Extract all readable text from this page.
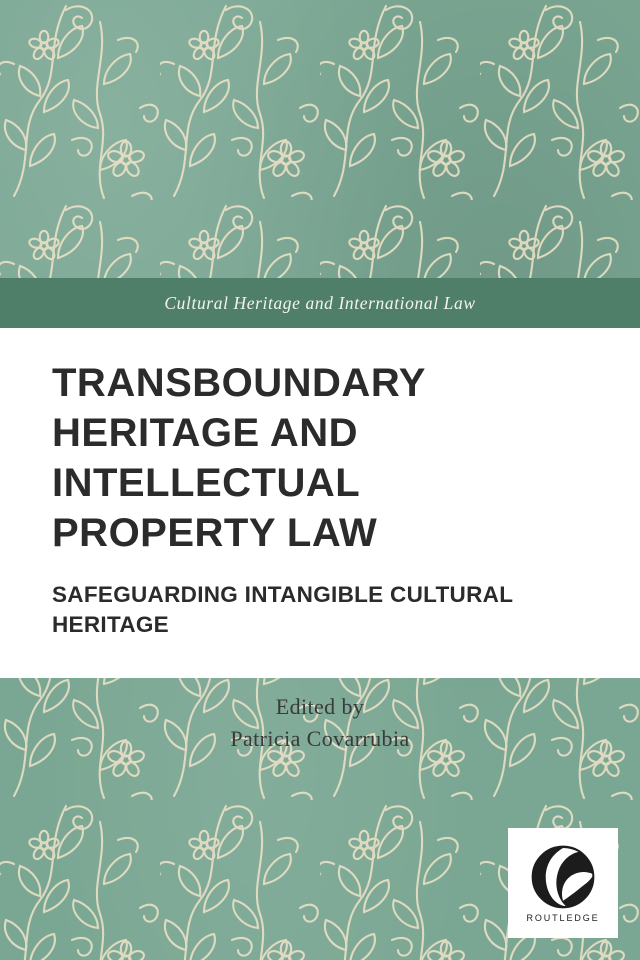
Cultural Heritage and International Law
TRANSBOUNDARY HERITAGE AND INTELLECTUAL PROPERTY LAW
SAFEGUARDING INTANGIBLE CULTURAL HERITAGE
Edited by
Patricia Covarrubia
ROUTLEDGE
